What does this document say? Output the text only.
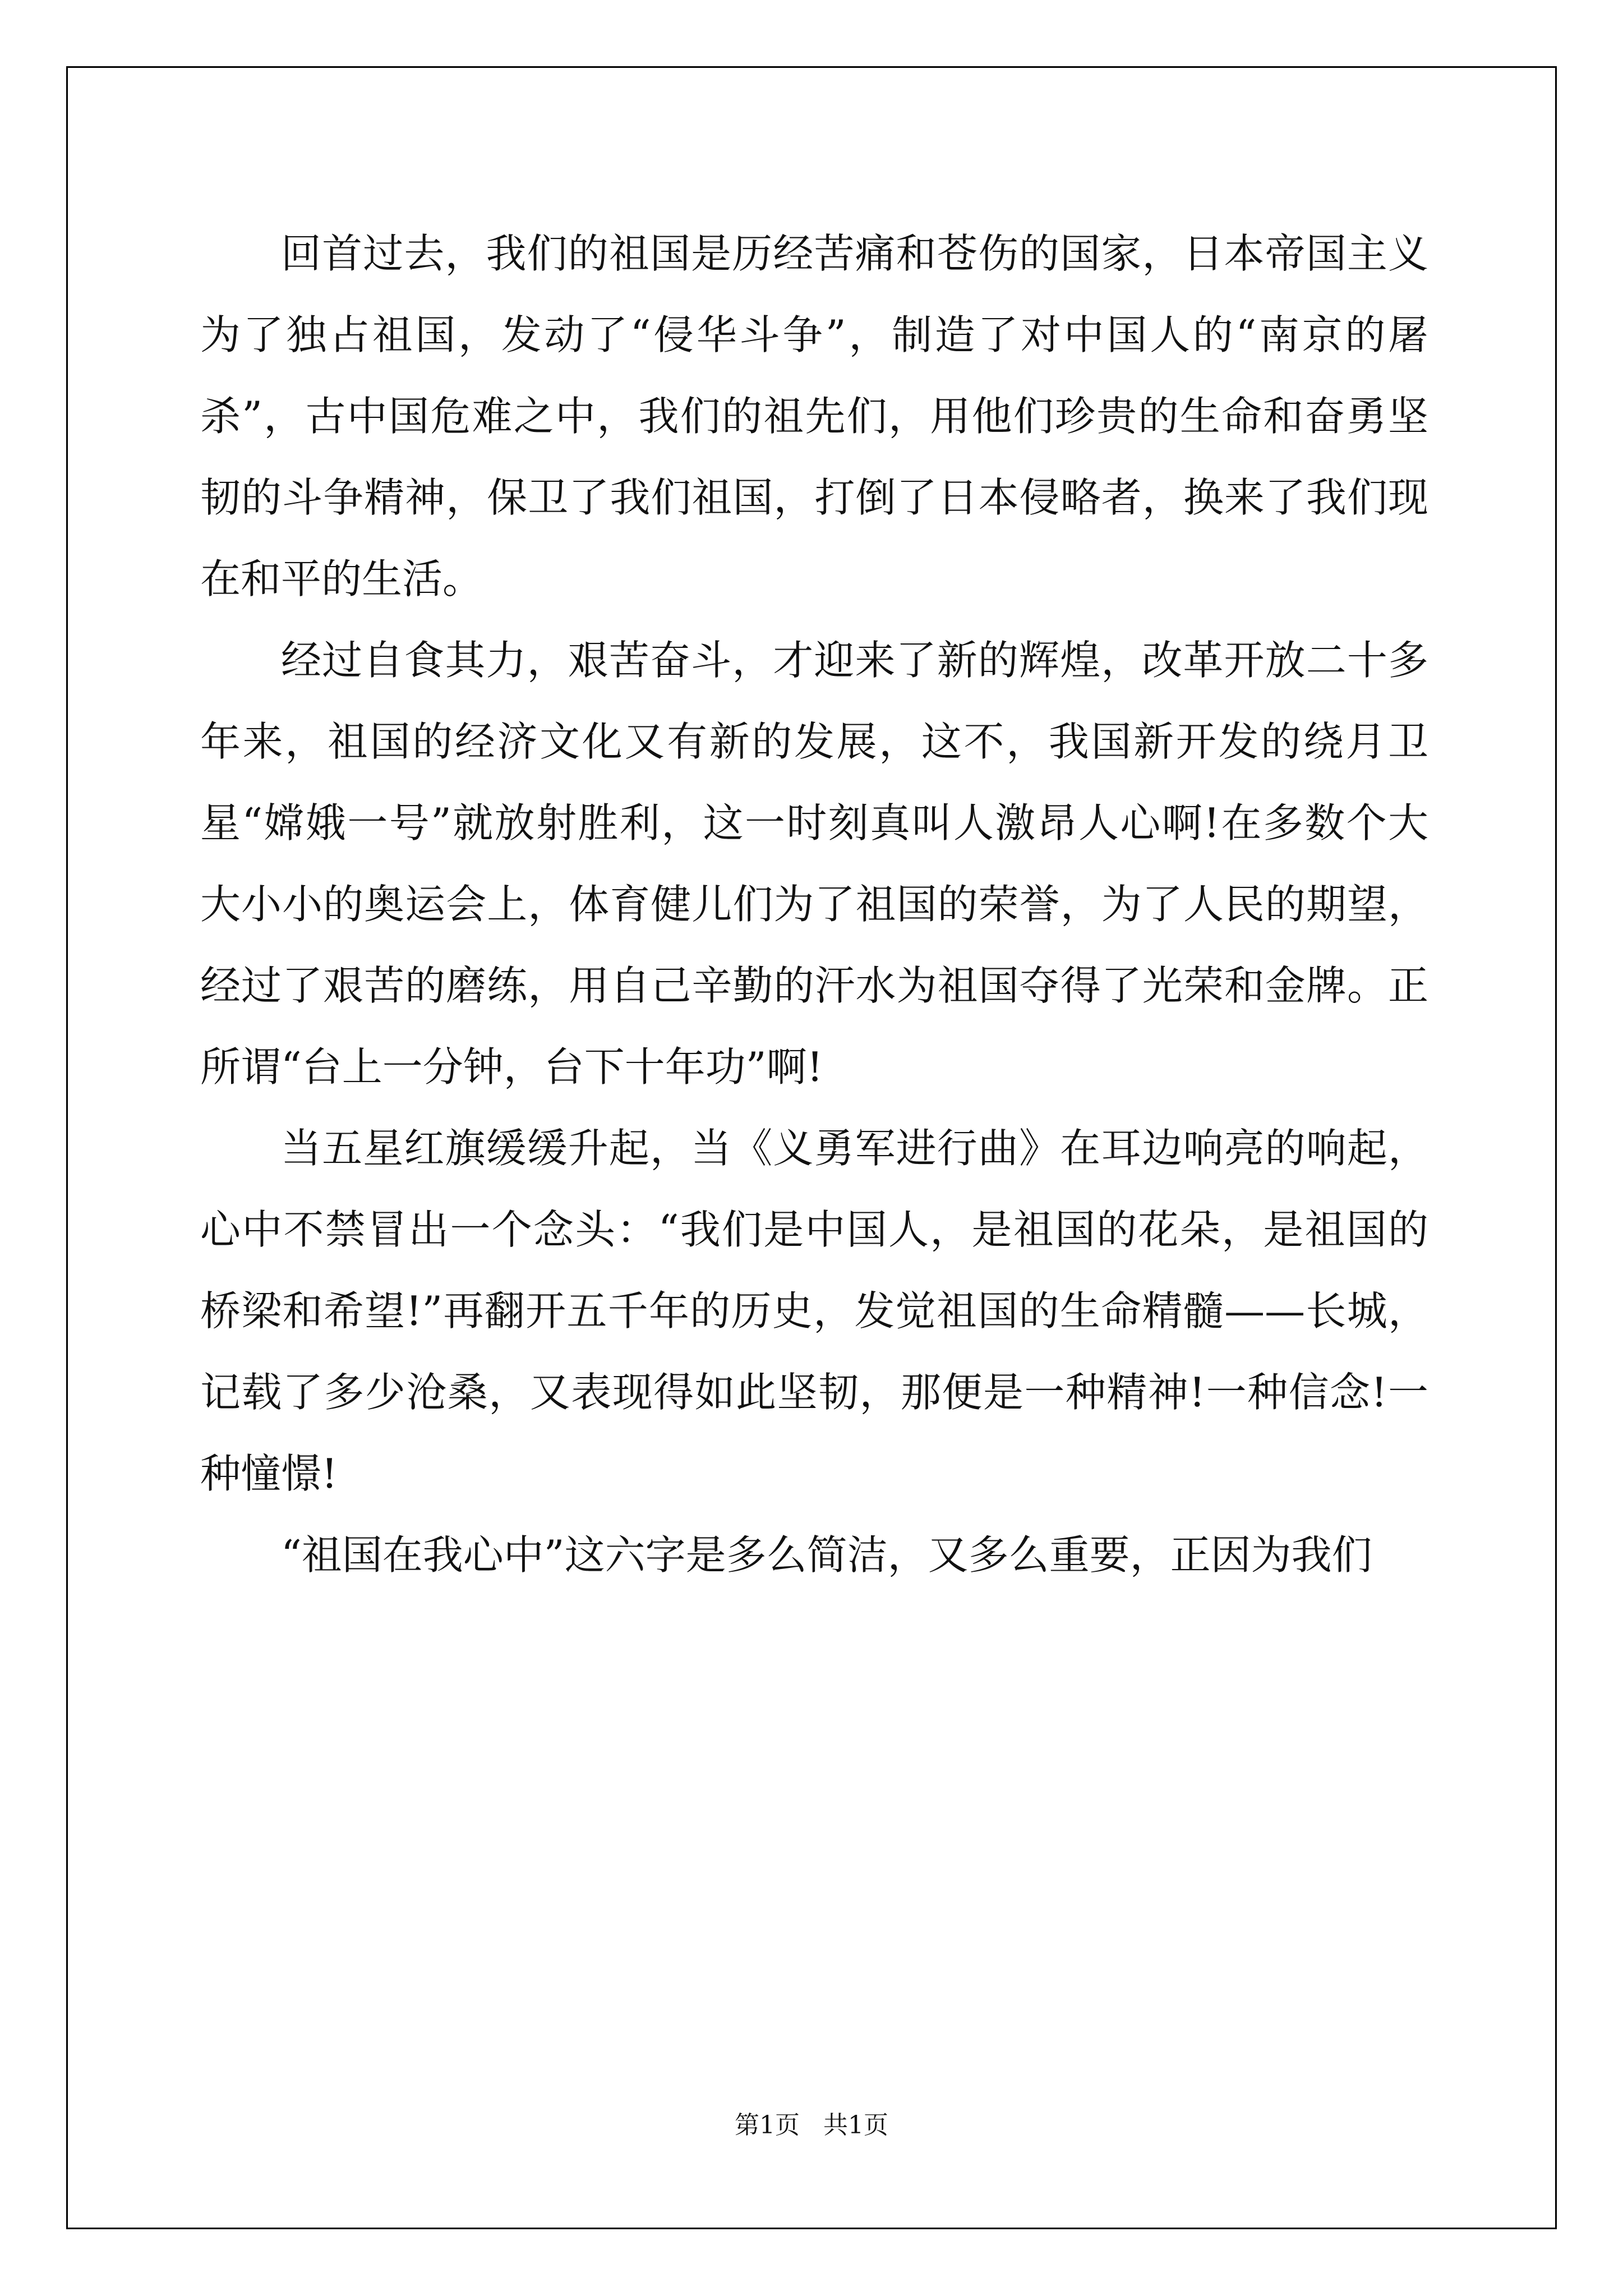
回首过去，我们的祖国是历经苦痛和苍伤的国家，日本帝国主义为了独占祖国，发动了“侵华斗争”，制造了对中国人的“南京的屠杀”，古中国危难之中，我们的祖先们，用他们珍贵的生命和奋勇坚韧的斗争精神，保卫了我们祖国，打倒了日本侵略者，换来了我们现在和平的生活。

经过自食其力，艰苦奋斗，才迎来了新的辉煌，改革开放二十多年来，祖国的经济文化又有新的发展，这不，我国新开发的绕月卫星“嫦娥一号”就放射胜利，这一时刻真叫人激昂人心啊!在多数个大大小小的奥运会上，体育健儿们为了祖国的荣誉，为了人民的期望，经过了艰苦的磨练，用自己辛勤的汗水为祖国夺得了光荣和金牌。正所谓“台上一分钟，台下十年功”啊!

当五星红旗缓缓升起，当《义勇军进行曲》在耳边响亮的响起，心中不禁冒出一个念头：“我们是中国人，是祖国的花朵，是祖国的桥梁和希望!”再翻开五千年的历史，发觉祖国的生命精髓——长城，记载了多少沧桑，又表现得如此坚韧，那便是一种精神!一种信念!一种憧憬!

“祖国在我心中”这六字是多么简洁，又多么重要，正因为我们

第1页   共1页
